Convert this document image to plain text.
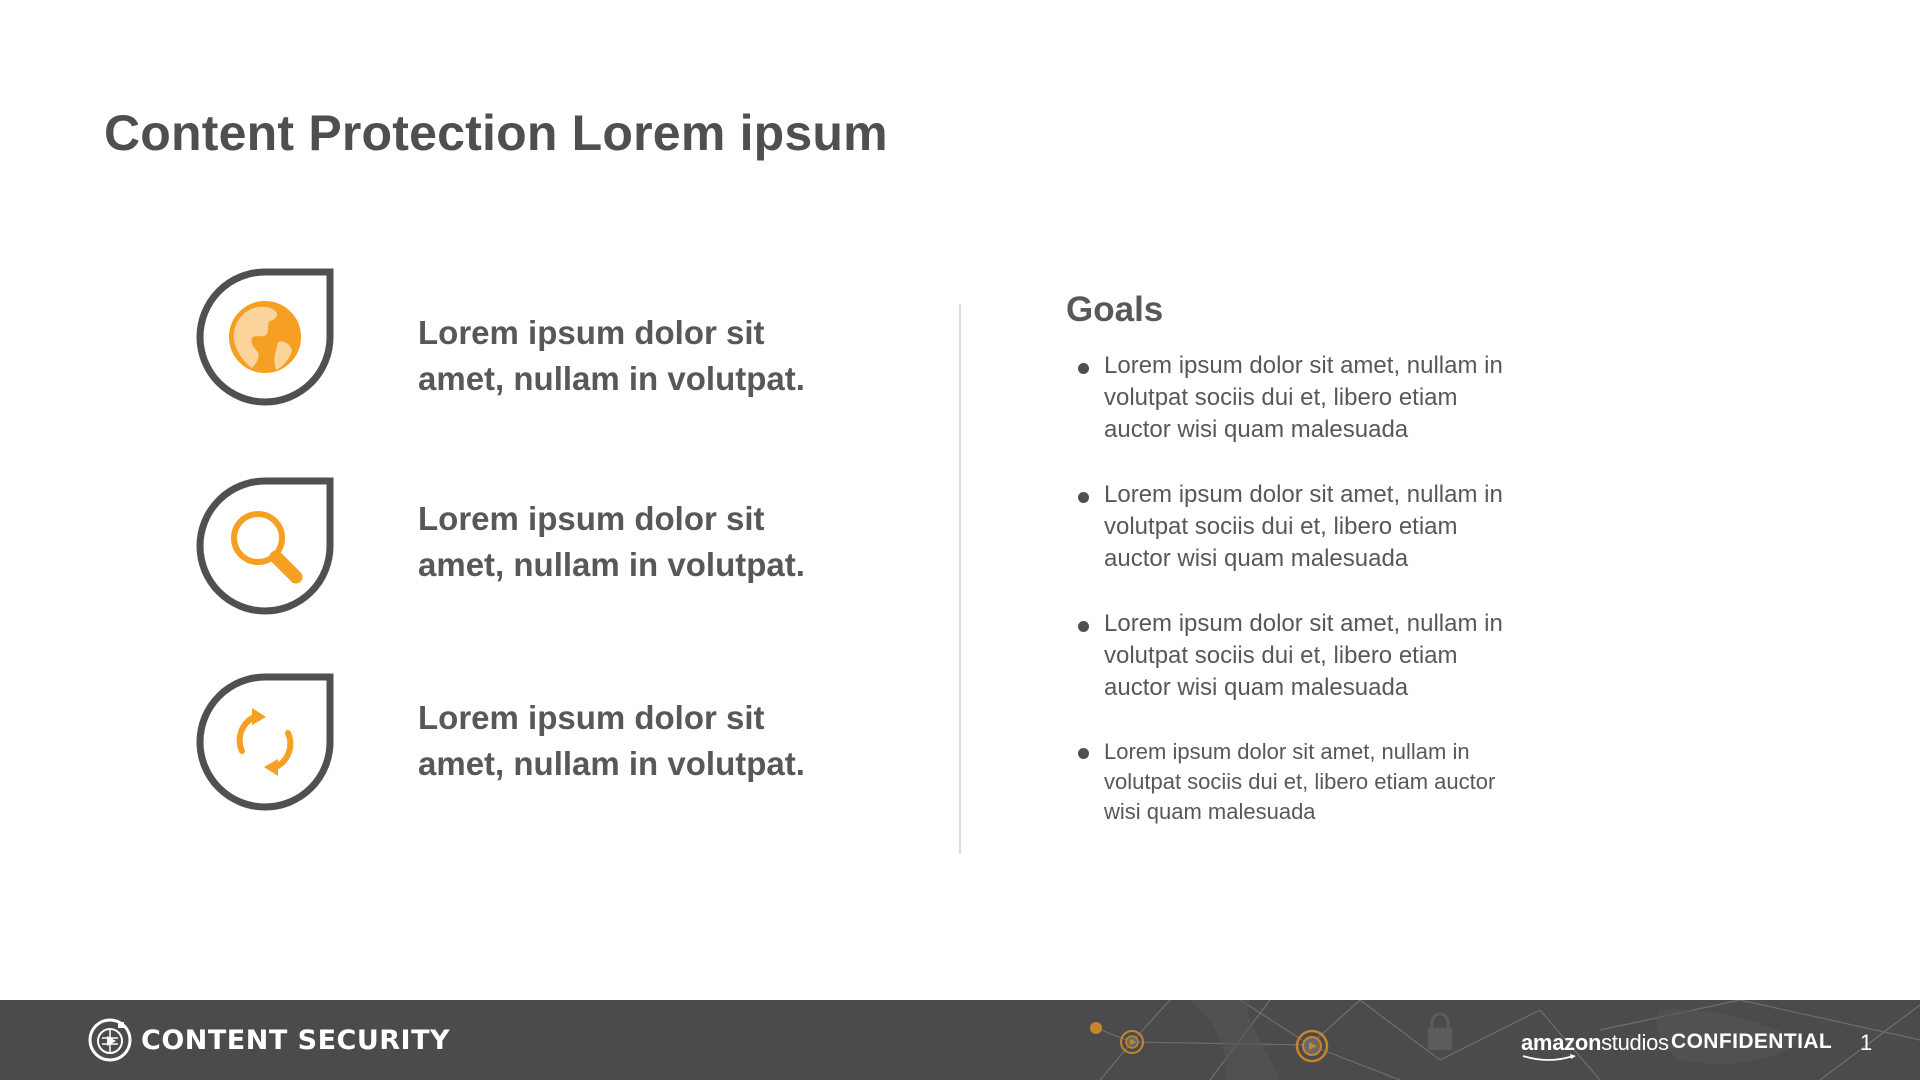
Content Protection Lorem ipsum
Lorem ipsum dolor sit
amet, nullam in volutpat.
Lorem ipsum dolor sit
amet, nullam in volutpat.
Lorem ipsum dolor sit
amet, nullam in volutpat.
Goals
Lorem ipsum dolor sit amet, nullam in
volutpat sociis dui et, libero etiam
auctor wisi quam malesuada
Lorem ipsum dolor sit amet, nullam in
volutpat sociis dui et, libero etiam
auctor wisi quam malesuada
Lorem ipsum dolor sit amet, nullam in
volutpat sociis dui et, libero etiam
auctor wisi quam malesuada
Lorem ipsum dolor sit amet, nullam in
volutpat sociis dui et, libero etiam auctor
wisi quam malesuada
CONTENT SECURITY	amazonstudios CONFIDENTIAL 1
